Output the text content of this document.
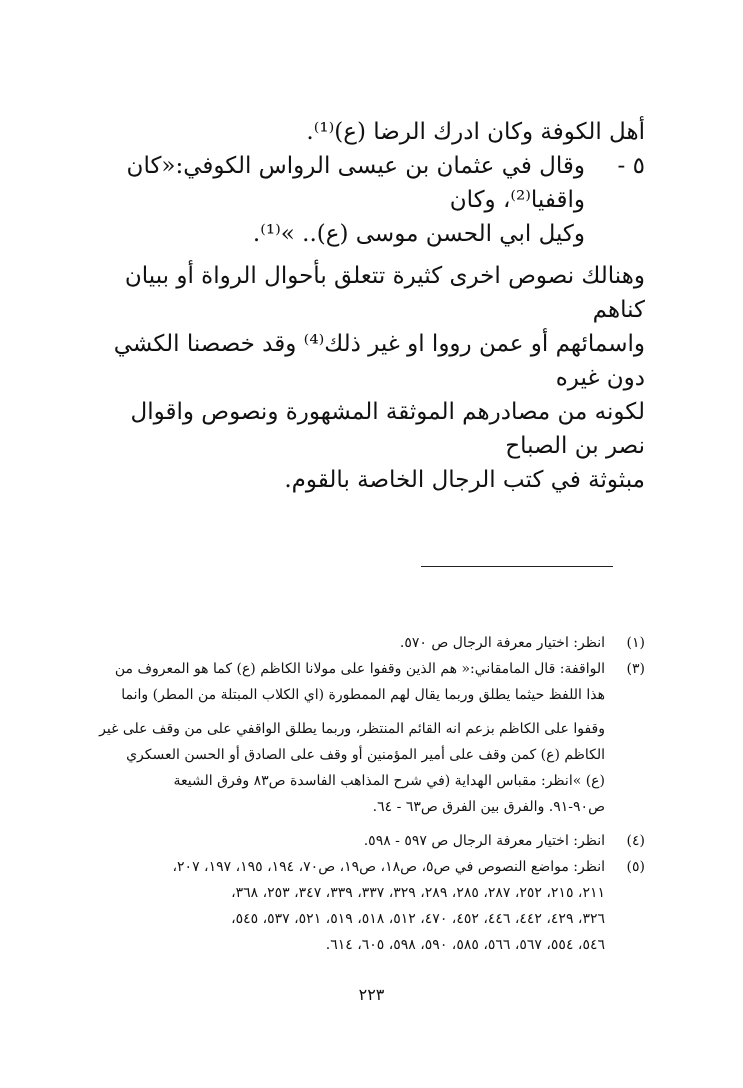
أهل الكوفة وكان ادرك الرضا (ع)⁽¹⁾.

٥ -

وقال في عثمان بن عيسى الرواس الكوفي:«كان واقفيا⁽²⁾، وكان

وكيل ابي الحسن موسى (ع).. »⁽¹⁾.

وهنالك نصوص اخرى كثيرة تتعلق بأحوال الرواة أو ببيان كناهم

واسمائهم أو عمن رووا او غير ذلك⁽⁴⁾ وقد خصصنا الكشي دون غيره

لكونه من مصادرهم الموثقة المشهورة ونصوص واقوال نصر بن الصباح

مبثوثة في كتب الرجال الخاصة بالقوم.

(١)
انظر: اختيار معرفة الرجال ص ٥٧٠.
(٣)
الواقفة: قال المامقاني:« هم الذين وقفوا على مولانا الكاظم (ع) كما هو المعروف من
هذا اللفظ حيثما يطلق وربما يقال لهم الممطورة (اي الكلاب المبتلة من المطر) وانما
وقفوا على الكاظم بزعم انه القائم المنتظر، وربما يطلق الواقفي على من وقف على غير
الكاظم (ع) كمن وقف على أمير المؤمنين أو وقف على الصادق أو الحسن العسكري
(ع) »انظر: مقباس الهداية (في شرح المذاهب الفاسدة ص٨٣ وفرق الشيعة
ص٩٠-٩١. والفرق بين الفرق ص٦٣ - ٦٤.
(٤)
انظر: اختيار معرفة الرجال ص ٥٩٧ - ٥٩٨.
(٥)
انظر: مواضع النصوص في ص٥، ص١٨، ص١٩، ص٧٠، ١٩٤، ١٩٥، ١٩٧، ٢٠٧،
٢١١، ٢١٥، ٢٥٢، ٢٨٧، ٢٨٥، ٢٨٩، ٣٢٩، ٣٣٧، ٣٣٩، ٣٤٧، ٢٥٣، ٣٦٨،
٣٢٦، ٤٢٩، ٤٤٢، ٤٤٦، ٤٥٢، ٤٧٠، ٥١٢، ٥١٨، ٥١٩، ٥٢١، ٥٣٧، ٥٤٥،
٥٤٦، ٥٥٤، ٥٦٧، ٥٦٦، ٥٨٥، ٥٩٠، ٥٩٨، ٦٠٥، ٦١٤.
٢٢٣
